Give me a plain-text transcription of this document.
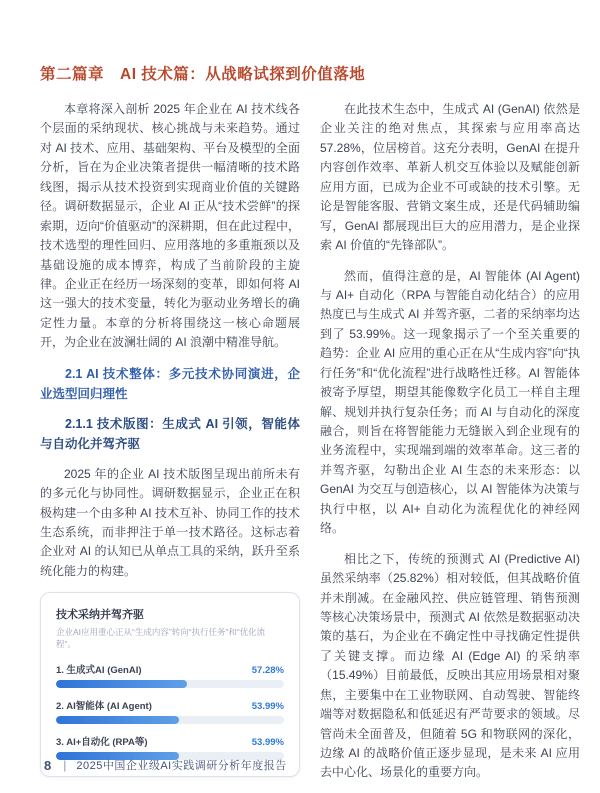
第二篇章　AI 技术篇：从战略试探到价值落地

本章将深入剖析 2025 年企业在 AI 技术线各个层面的采纳现状、核心挑战与未来趋势。通过对 AI 技术、应用、基础架构、平台及模型的全面分析，旨在为企业决策者提供一幅清晰的技术路线图，揭示从技术投资到实现商业价值的关键路径。调研数据显示，企业 AI 正从“技术尝鲜”的探索期，迈向“价值驱动”的深耕期，但在此过程中，技术选型的理性回归、应用落地的多重瓶颈以及基础设施的成本博弈，构成了当前阶段的主旋律。企业正在经历一场深刻的变革，即如何将 AI 这一强大的技术变量，转化为驱动业务增长的确定性力量。本章的分析将围绕这一核心命题展开，为企业在波澜壮阔的 AI 浪潮中精准导航。

2.1 AI 技术整体：多元技术协同演进，企业选型回归理性
2.1.1 技术版图：生成式 AI 引领，智能体与自动化并驾齐驱

2025 年的企业 AI 技术版图呈现出前所未有的多元化与协同性。调研数据显示，企业正在积极构建一个由多种 AI 技术互补、协同工作的技术生态系统，而非押注于单一技术路径。这标志着企业对 AI 的认知已从单点工具的采纳，跃升至系统化能力的构建。

技术采纳并驾齐驱
企业AI应用重心正从“生成内容”转向“执行任务”和“优化流程”。
1. 生成式AI (GenAI)	57.28%
2. AI智能体 (AI Agent)	53.99%
3. AI+自动化 (RPA等)	53.99%

在此技术生态中，生成式 AI (GenAI) 依然是企业关注的绝对焦点，其探索与应用率高达 57.28%，位居榜首。这充分表明，GenAI 在提升内容创作效率、革新人机交互体验以及赋能创新应用方面，已成为企业不可或缺的技术引擎。无论是智能客服、营销文案生成，还是代码辅助编写，GenAI 都展现出巨大的应用潜力，是企业探索 AI 价值的“先锋部队”。

然而，值得注意的是，AI 智能体 (AI Agent) 与 AI+ 自动化（RPA 与智能自动化结合）的应用热度已与生成式 AI 并驾齐驱，二者的采纳率均达到了 53.99%。这一现象揭示了一个至关重要的趋势：企业 AI 应用的重心正在从“生成内容”向“执行任务”和“优化流程”进行战略性迁移。AI 智能体被寄予厚望，期望其能像数字化员工一样自主理解、规划并执行复杂任务；而 AI 与自动化的深度融合，则旨在将智能能力无缝嵌入到企业现有的业务流程中，实现端到端的效率革命。这三者的并驾齐驱，勾勒出企业 AI 生态的未来形态：以 GenAI 为交互与创造核心，以 AI 智能体为决策与执行中枢，以 AI+ 自动化为流程优化的神经网络。

相比之下，传统的预测式 AI (Predictive AI) 虽然采纳率（25.82%）相对较低，但其战略价值并未削减。在金融风控、供应链管理、销售预测等核心决策场景中，预测式 AI 依然是数据驱动决策的基石，为企业在不确定性中寻找确定性提供了关键支撑。而边缘 AI (Edge AI) 的采纳率（15.49%）目前最低，反映出其应用场景相对聚焦，主要集中在工业物联网、自动驾驶、智能终端等对数据隐私和低延迟有严苛要求的领域。尽管尚未全面普及，但随着 5G 和物联网的深化，边缘 AI 的战略价值正逐步显现，是未来 AI 应用去中心化、场景化的重要方向。

8 | 2025中国企业级AI实践调研分析年度报告
